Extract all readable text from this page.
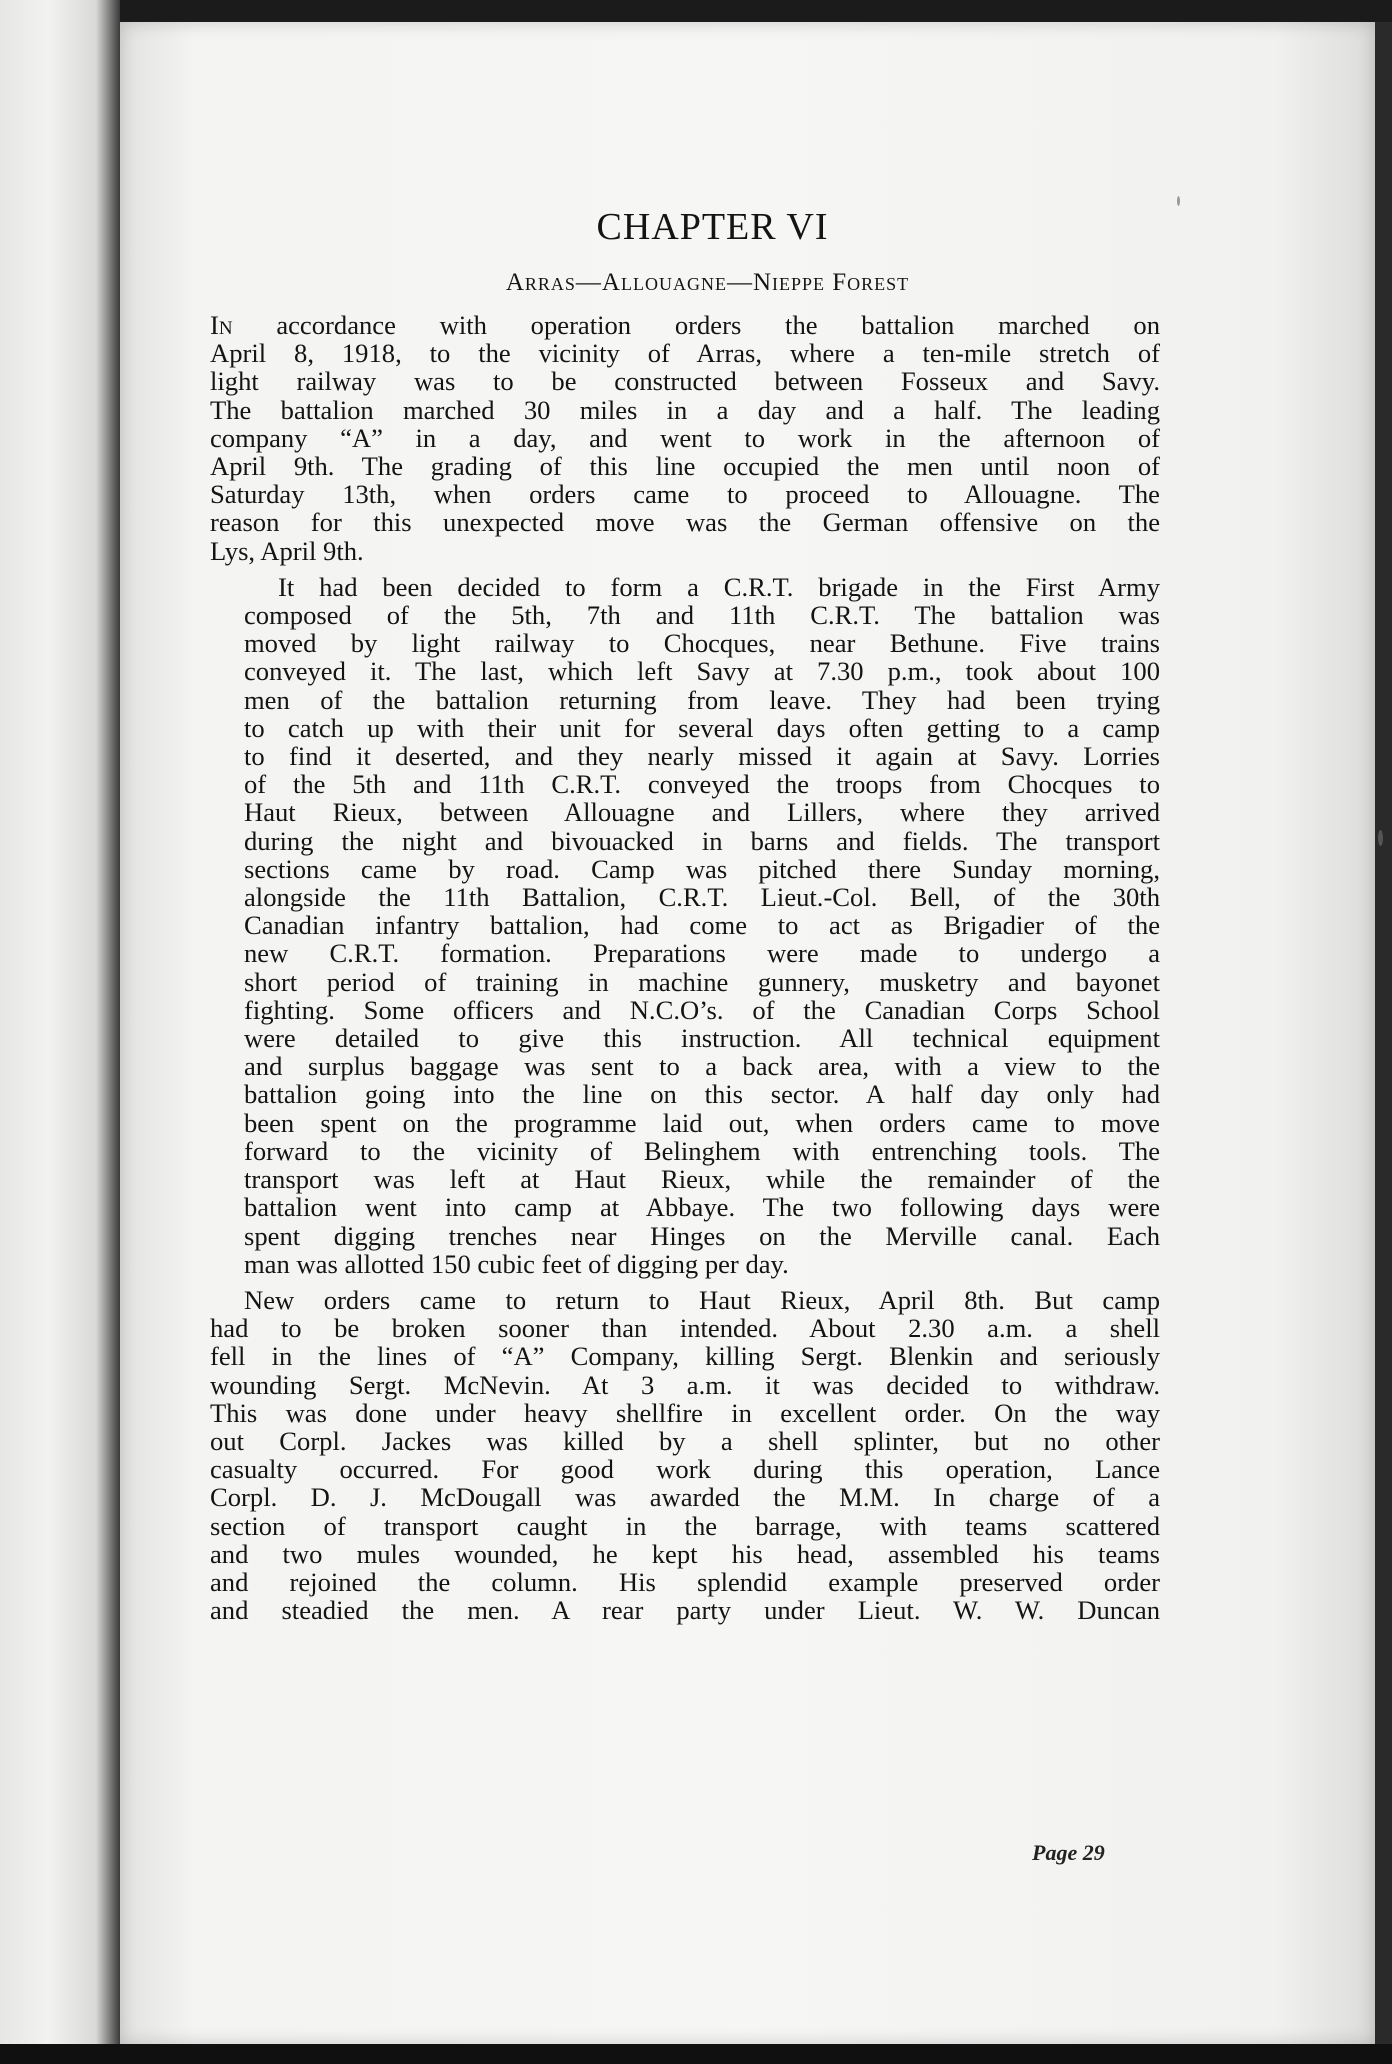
CHAPTER VI
Arras—Allouagne—Nieppe Forest
In accordance with operation orders the battalion marched on
April 8, 1918, to the vicinity of Arras, where a ten-mile stretch of
light railway was to be constructed between Fosseux and Savy.
The battalion marched 30 miles in a day and a half. The leading
company “A” in a day, and went to work in the afternoon of
April 9th. The grading of this line occupied the men until noon of
Saturday 13th, when orders came to proceed to Allouagne. The
reason for this unexpected move was the German offensive on the
Lys, April 9th.
It had been decided to form a C.R.T. brigade in the First Army
composed of the 5th, 7th and 11th C.R.T. The battalion was
moved by light railway to Chocques, near Bethune. Five trains
conveyed it. The last, which left Savy at 7.30 p.m., took about 100
men of the battalion returning from leave. They had been trying
to catch up with their unit for several days often getting to a camp
to find it deserted, and they nearly missed it again at Savy. Lorries
of the 5th and 11th C.R.T. conveyed the troops from Chocques to
Haut Rieux, between Allouagne and Lillers, where they arrived
during the night and bivouacked in barns and fields. The transport
sections came by road. Camp was pitched there Sunday morning,
alongside the 11th Battalion, C.R.T. Lieut.-Col. Bell, of the 30th
Canadian infantry battalion, had come to act as Brigadier of the
new C.R.T. formation. Preparations were made to undergo a
short period of training in machine gunnery, musketry and bayonet
fighting. Some officers and N.C.O’s. of the Canadian Corps School
were detailed to give this instruction. All technical equipment
and surplus baggage was sent to a back area, with a view to the
battalion going into the line on this sector. A half day only had
been spent on the programme laid out, when orders came to move
forward to the vicinity of Belinghem with entrenching tools. The
transport was left at Haut Rieux, while the remainder of the
battalion went into camp at Abbaye. The two following days were
spent digging trenches near Hinges on the Merville canal. Each
man was allotted 150 cubic feet of digging per day.
New orders came to return to Haut Rieux, April 8th. But camp
had to be broken sooner than intended. About 2.30 a.m. a shell
fell in the lines of “A” Company, killing Sergt. Blenkin and seriously
wounding Sergt. McNevin. At 3 a.m. it was decided to withdraw.
This was done under heavy shellfire in excellent order. On the way
out Corpl. Jackes was killed by a shell splinter, but no other
casualty occurred. For good work during this operation, Lance
Corpl. D. J. McDougall was awarded the M.M. In charge of a
section of transport caught in the barrage, with teams scattered
and two mules wounded, he kept his head, assembled his teams
and rejoined the column. His splendid example preserved order
and steadied the men. A rear party under Lieut. W. W. Duncan
Page 29
